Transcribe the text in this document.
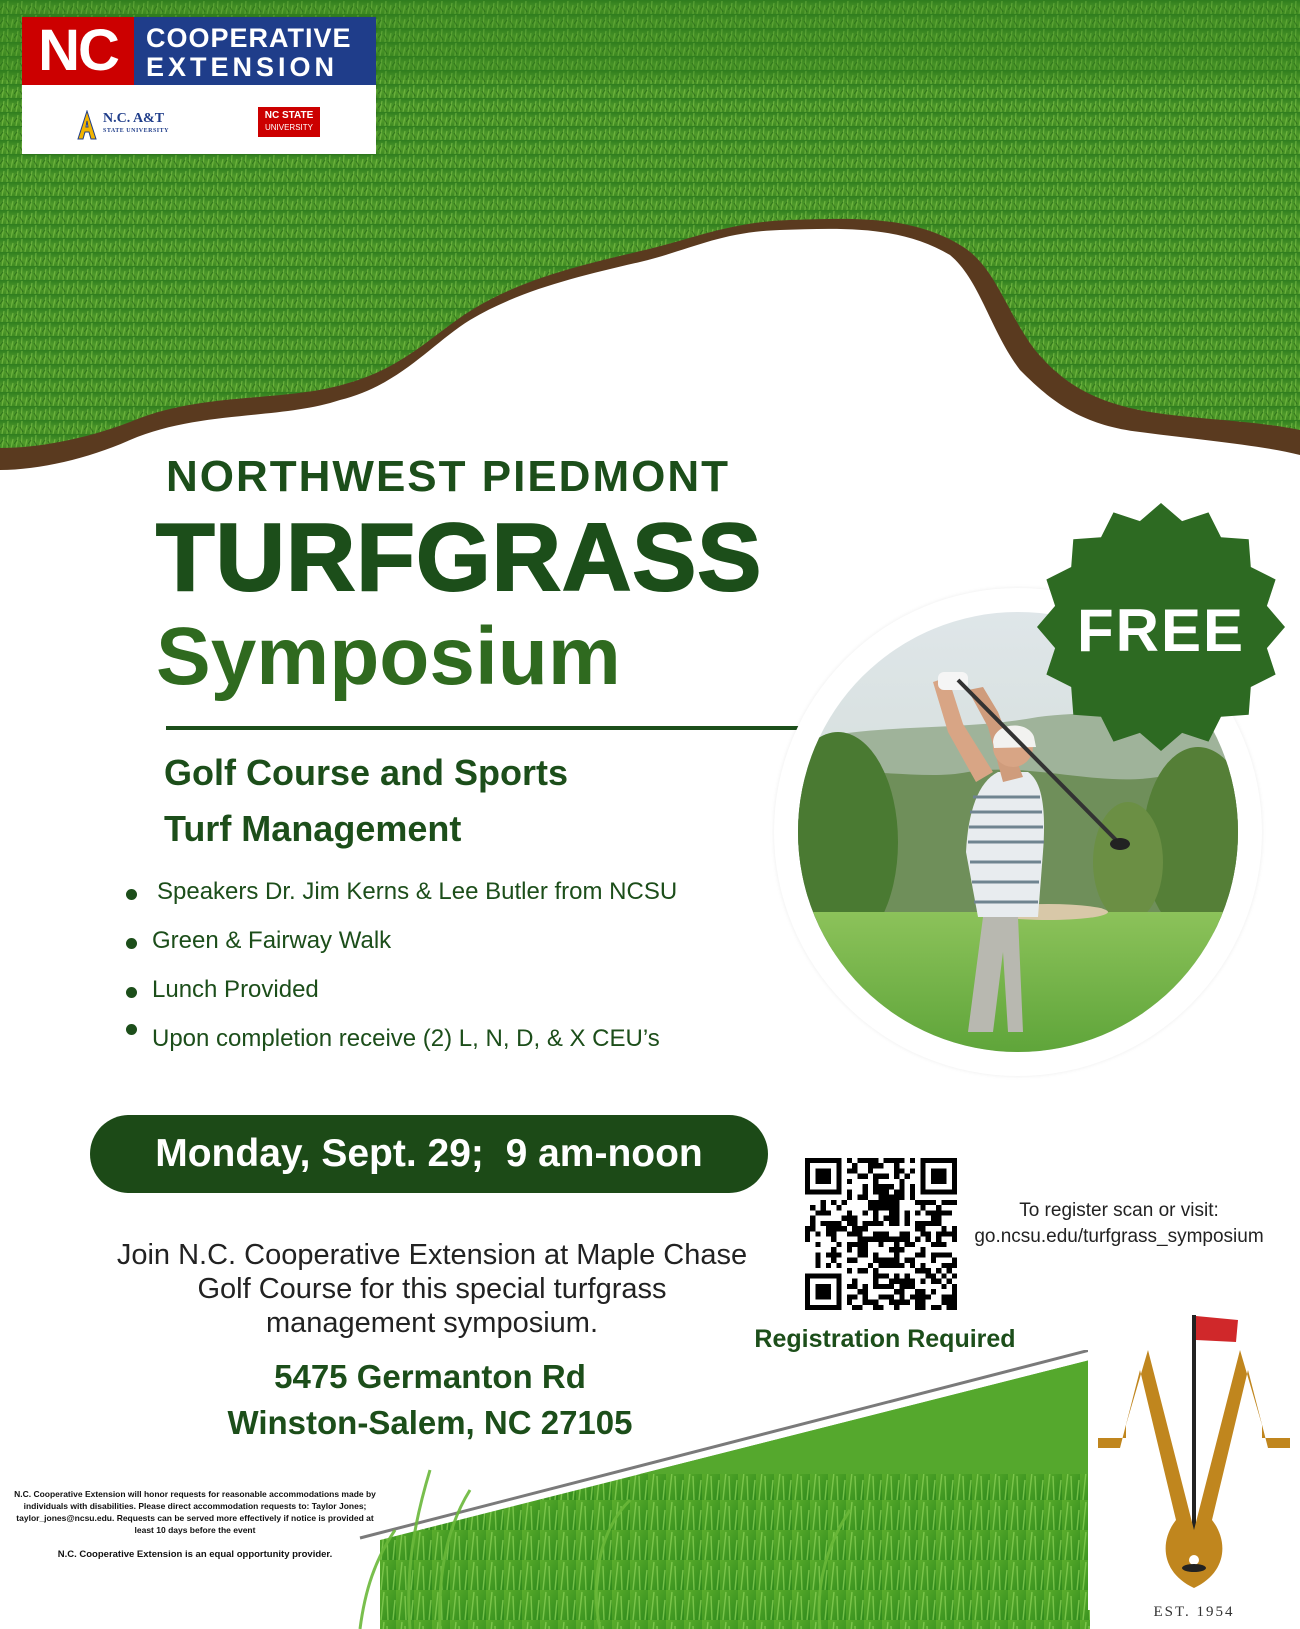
NC	COOPERATIVE
EXTENSION
N.C. A&T
STATE UNIVERSITY
NC STATE
UNIVERSITY
NORTHWEST PIEDMONT
TURFGRASS
Symposium
Golf Course and Sports
Turf Management
Speakers Dr. Jim Kerns & Lee Butler from NCSU
Green & Fairway Walk
Lunch Provided
Upon completion receive (2) L, N, D, & X CEU’s
FREE
Monday, Sept. 29;  9 am-noon
Join N.C. Cooperative Extension at Maple Chase Golf Course for this special turfgrass management symposium.
5475 Germanton Rd
Winston-Salem, NC 27105
To register scan or visit:
go.ncsu.edu/turfgrass_symposium
Registration Required
N.C. Cooperative Extension will honor requests for reasonable accommodations made by individuals with disabilities. Please direct accommodation requests to: Taylor Jones; taylor_jones@ncsu.edu. Requests can be served more effectively if notice is provided at least 10 days before the event
N.C. Cooperative Extension is an equal opportunity provider.
EST. 1954
